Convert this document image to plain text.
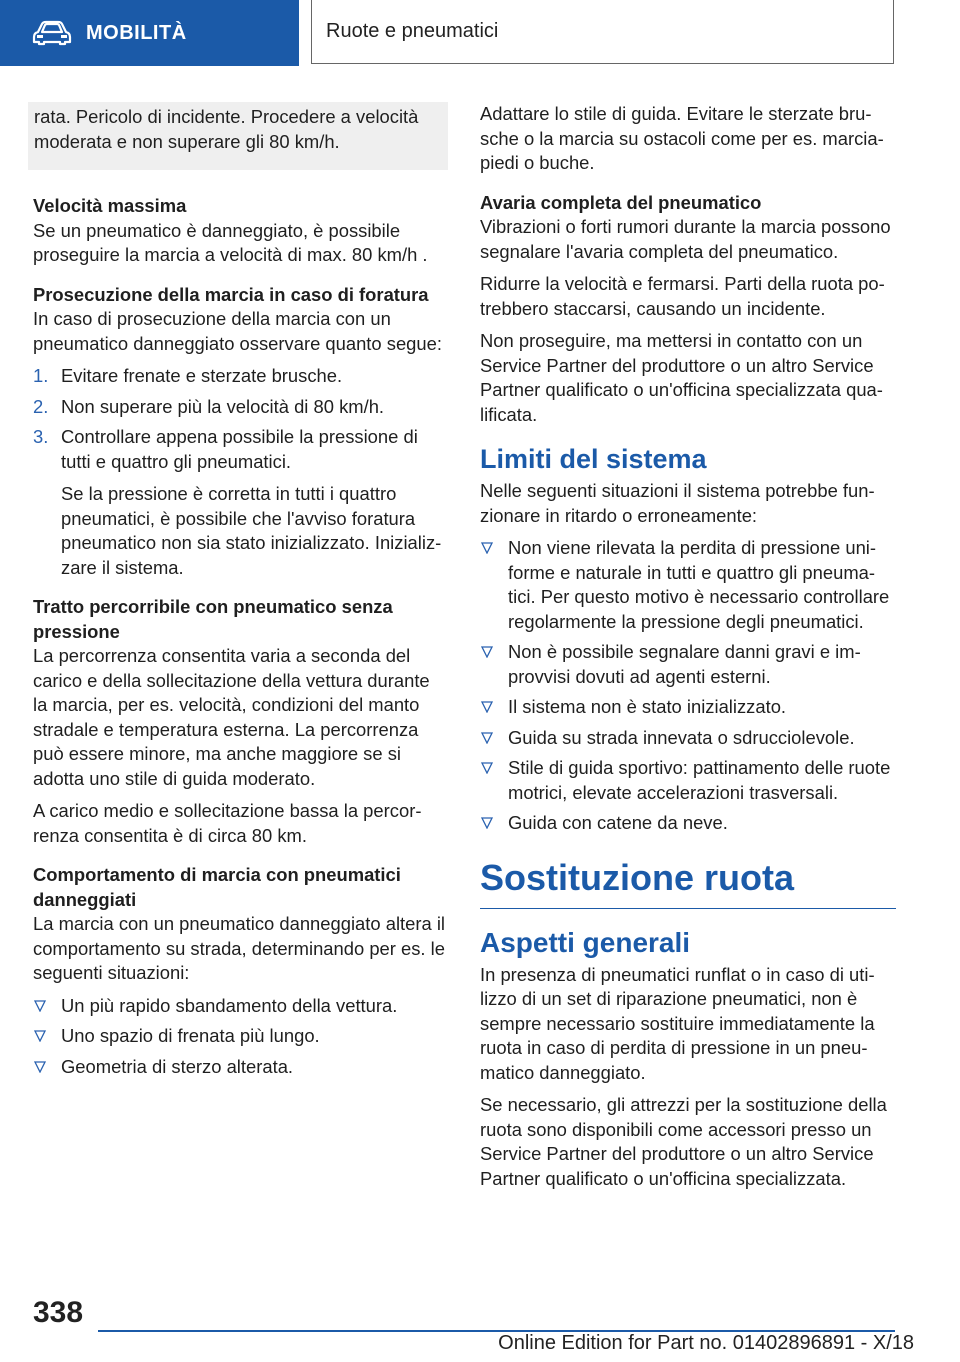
MOBILITÀ	Ruote e pneumatici

rata. Pericolo di incidente. Procedere a velocità moderata e non superare gli 80 km/h.

Velocità massima

Se un pneumatico è danneggiato, è possibile proseguire la marcia a velocità di max. 80 km/h .

Prosecuzione della marcia in caso di foratura

In caso di prosecuzione della marcia con un pneumatico danneggiato osservare quanto segue:

1. Evitare frenate e sterzate brusche.
2. Non superare più la velocità di 80 km/h.
3. Controllare appena possibile la pressione di tutti e quattro gli pneumatici.

Se la pressione è corretta in tutti i quattro pneumatici, è possibile che l'avviso foratura pneumatico non sia stato inizializzato. Inizializzare il sistema.

Tratto percorribile con pneumatico senza pressione

La percorrenza consentita varia a seconda del carico e della sollecitazione della vettura durante la marcia, per es. velocità, condizioni del manto stradale e temperatura esterna. La percorrenza può essere minore, ma anche maggiore se si adotta uno stile di guida moderato.

A carico medio e sollecitazione bassa la percorrenza consentita è di circa 80 km.

Comportamento di marcia con pneumatici danneggiati

La marcia con un pneumatico danneggiato altera il comportamento su strada, determinando per es. le seguenti situazioni:

Un più rapido sbandamento della vettura.
Uno spazio di frenata più lungo.
Geometria di sterzo alterata.

Adattare lo stile di guida. Evitare le sterzate brusche o la marcia su ostacoli come per es. marciapiedi o buche.

Avaria completa del pneumatico

Vibrazioni o forti rumori durante la marcia possono segnalare l'avaria completa del pneumatico.

Ridurre la velocità e fermarsi. Parti della ruota potrebbero staccarsi, causando un incidente.

Non proseguire, ma mettersi in contatto con un Service Partner del produttore o un altro Service Partner qualificato o un'officina specializzata qualificata.

Limiti del sistema

Nelle seguenti situazioni il sistema potrebbe funzionare in ritardo o erroneamente:

Non viene rilevata la perdita di pressione uniforme e naturale in tutti e quattro gli pneumatici. Per questo motivo è necessario controllare regolarmente la pressione degli pneumatici.
Non è possibile segnalare danni gravi e improvvisi dovuti ad agenti esterni.
Il sistema non è stato inizializzato.
Guida su strada innevata o sdrucciolevole.
Stile di guida sportivo: pattinamento delle ruote motrici, elevate accelerazioni trasversali.
Guida con catene da neve.
Sostituzione ruota
Aspetti generali

In presenza di pneumatici runflat o in caso di utilizzo di un set di riparazione pneumatici, non è sempre necessario sostituire immediatamente la ruota in caso di perdita di pressione in un pneumatico danneggiato.

Se necessario, gli attrezzi per la sostituzione della ruota sono disponibili come accessori presso un Service Partner del produttore o un altro Service Partner qualificato o un'officina specializzata.

338
Online Edition for Part no. 01402896891 - X/18
